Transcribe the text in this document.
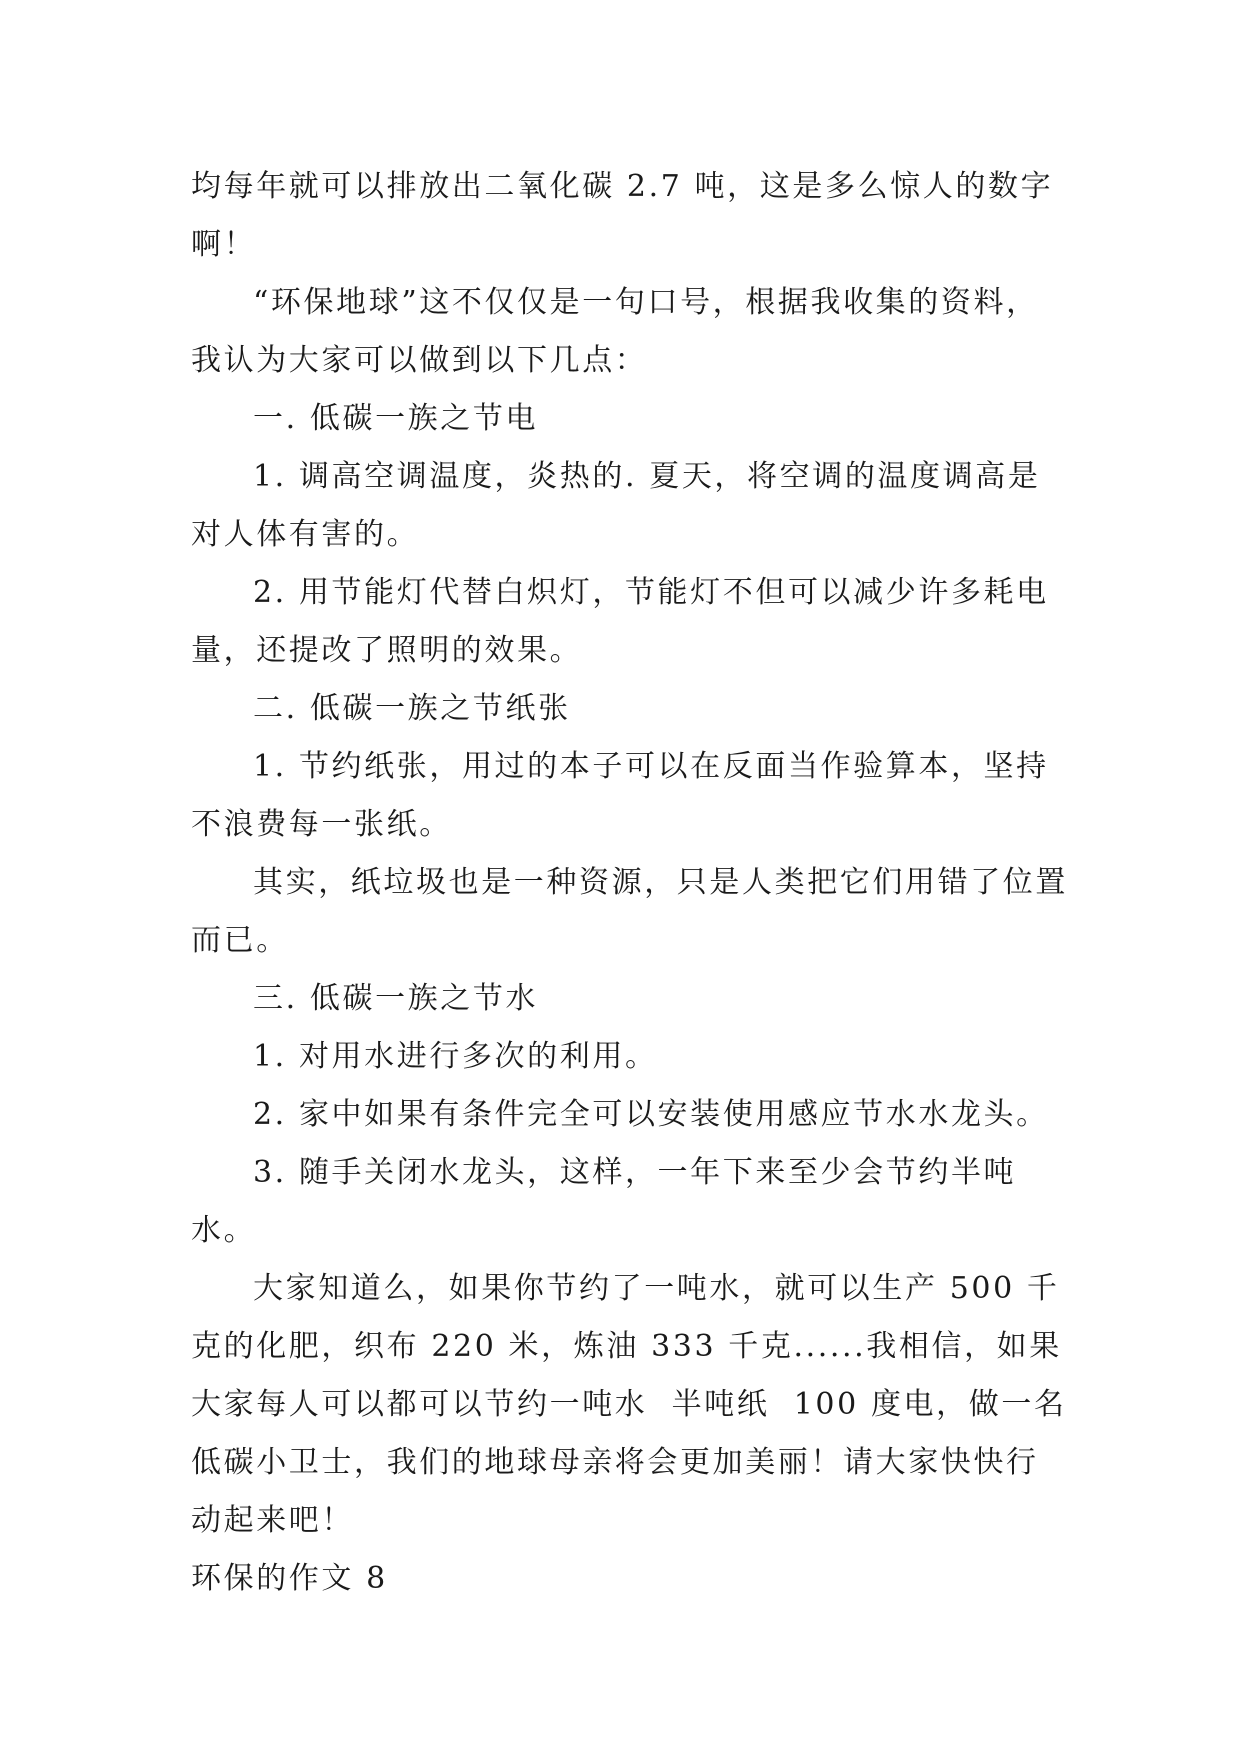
均每年就可以排放出二氧化碳 2.7 吨，这是多么惊人的数字啊！

“环保地球”这不仅仅是一句口号，根据我收集的资料，我认为大家可以做到以下几点：

一. 低碳一族之节电

1. 调高空调温度，炎热的. 夏天，将空调的温度调高是对人体有害的。

2. 用节能灯代替白炽灯，节能灯不但可以减少许多耗电量，还提改了照明的效果。

二. 低碳一族之节纸张

1. 节约纸张，用过的本子可以在反面当作验算本，坚持不浪费每一张纸。

其实，纸垃圾也是一种资源，只是人类把它们用错了位置而已。

三. 低碳一族之节水

1. 对用水进行多次的利用。

2. 家中如果有条件完全可以安装使用感应节水水龙头。

3. 随手关闭水龙头，这样，一年下来至少会节约半吨水。

大家知道么，如果你节约了一吨水，就可以生产 500 千克的化肥，织布 220 米，炼油 333 千克......我相信，如果大家每人可以都可以节约一吨水  半吨纸  100 度电，做一名低碳小卫士，我们的地球母亲将会更加美丽！请大家快快行动起来吧！

环保的作文 8
